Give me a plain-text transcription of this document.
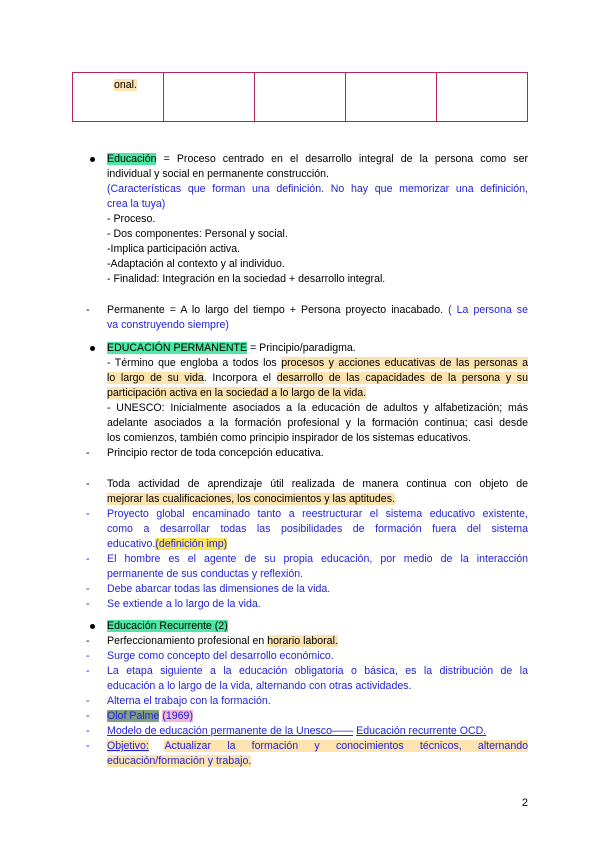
onal.				
Educación = Proceso centrado en el desarrollo integral de la persona como ser
individual y social en permanente construcción.
(Características que forman una definición. No hay que memorizar una definición,
crea la tuya)
- Proceso.
- Dos componentes: Personal y social.
-Implica participación activa.
-Adaptación al contexto y al individuo.
- Finalidad: Integración en la sociedad + desarrollo integral.
-	Permanente = A lo largo del tiempo + Persona proyecto inacabado. ( La persona se
va construyendo siempre)
EDUCACIÓN PERMANENTE = Principio/paradigma.
- Término que engloba a todos los procesos y acciones educativas de las personas a
lo largo de su vida. Incorpora el desarrollo de las capacidades de la persona y su
participación activa en la sociedad a lo largo de la vida.
- UNESCO: Inicialmente asociados a la educación de adultos y alfabetización; más
adelante asociados a la formación profesional y la formación continua; casi desde
los comienzos, también como principio inspirador de los sistemas educativos.
-	Principio rector de toda concepción educativa.
-	Toda actividad de aprendizaje útil realizada de manera continua con objeto de
mejorar las cualificaciones, los conocimientos y las aptitudes.
-	Proyecto global encaminado tanto a reestructurar el sistema educativo existente,
como a desarrollar todas las posibilidades de formación fuera del sistema
educativo.(definición imp)
-	El hombre es el agente de su propia educación, por medio de la interacción
permanente de sus conductas y reflexión.
-	Debe abarcar todas las dimensiones de la vida.
-	Se extiende a lo largo de la vida.
Educación Recurrente (2)
-	Perfeccionamiento profesional en horario laboral.
-	Surge como concepto del desarrollo económico.
-	La etapa siguiente a la educación obligatoria o básica, es la distribución de la
educación a lo largo de la vida, alternando con otras actividades.
-	Alterna el trabajo con la formación.
-	Olof Palme (1969)
-	Modelo de educación permanente de la Unesco—— Educación recurrente OCD.
-	Objetivo: Actualizar la formación y conocimientos técnicos, alternando
educación/formación y trabajo.
2
